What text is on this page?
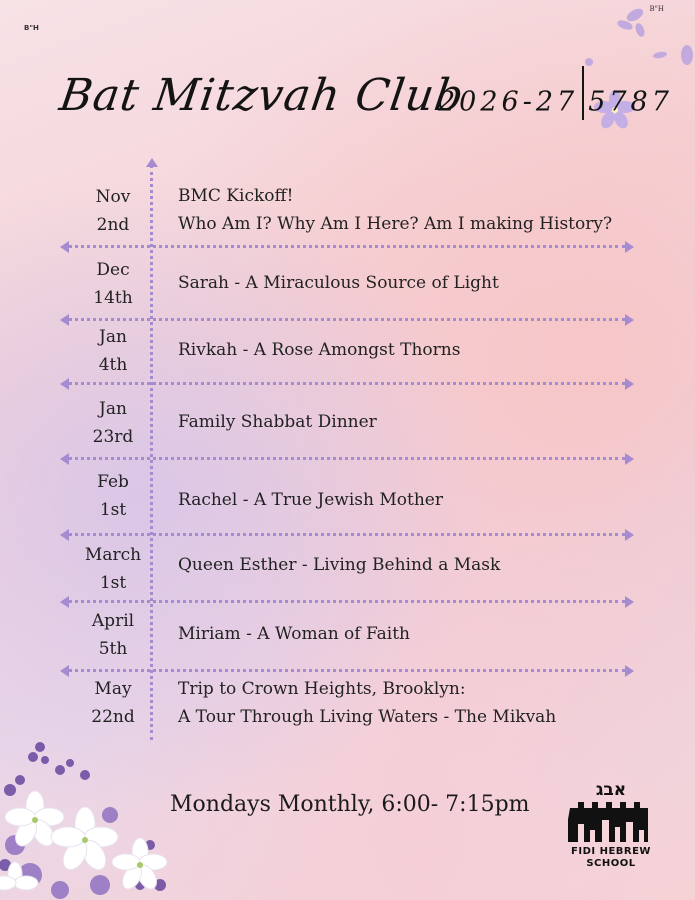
B"H
B"H
Bat Mitzvah Club
2026-27 5787
Nov
2nd
BMC Kickoff!
Who Am I? Why Am I Here? Am I making History?
Dec
14th
Sarah - A Miraculous Source of Light
Jan
4th
Rivkah - A Rose Amongst Thorns
Jan
23rd
Family Shabbat Dinner
Feb
1st	Rachel - A True Jewish Mother
March
1st
Queen Esther - Living Behind a Mask
April
5th
Miriam - A Woman of Faith
May
22nd
Trip to Crown Heights, Brooklyn:
A Tour Through Living Waters - The Mikvah
Mondays Monthly, 6:00- 7:15pm
אבג
FIDI HEBREW
SCHOOL
